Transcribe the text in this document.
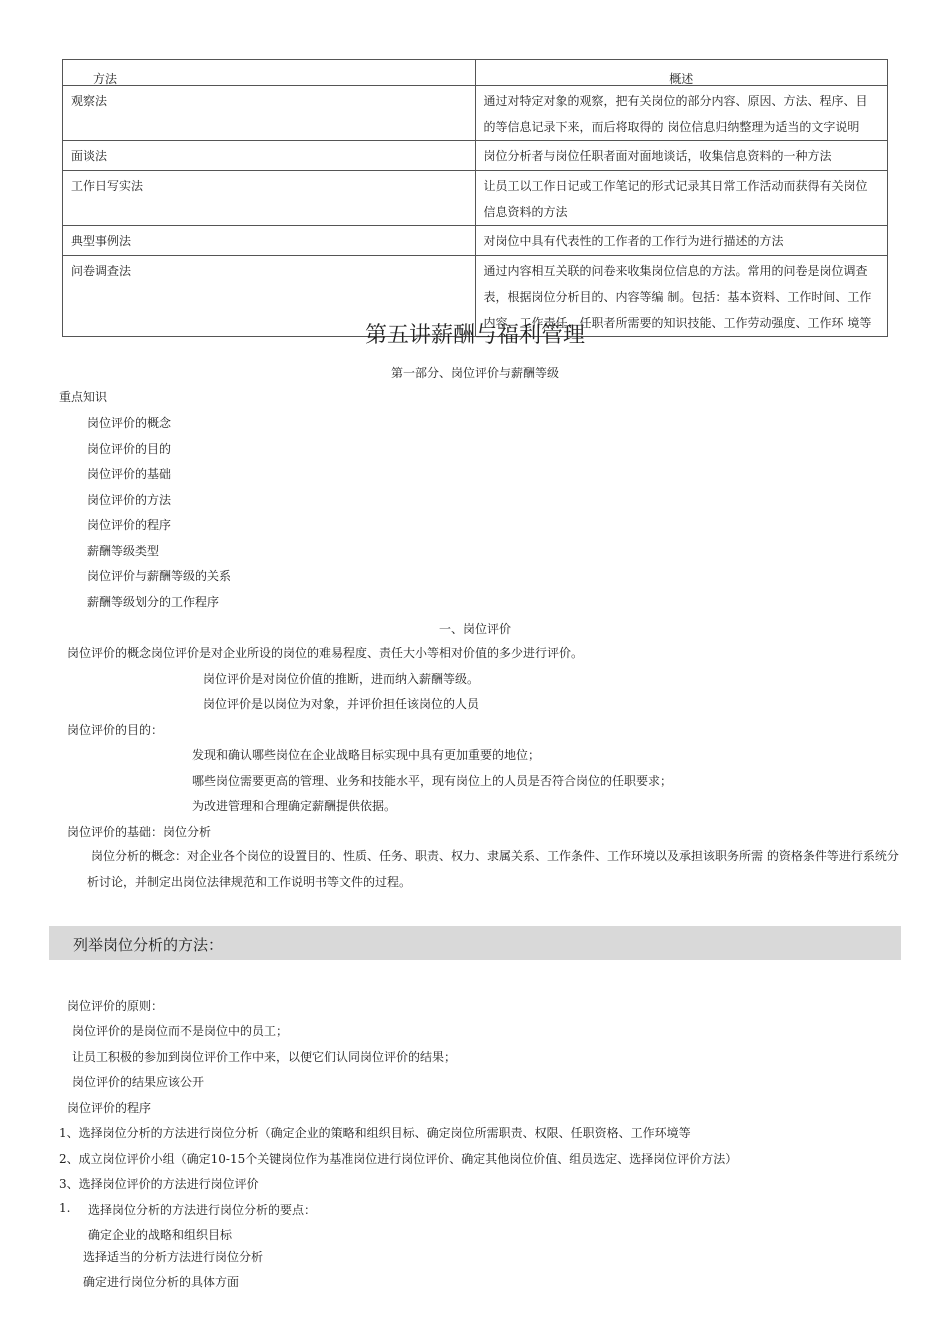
方法	概述
观察法	通过对特定对象的观察，把有关岗位的部分内容、原因、方法、程序、目的等信息记录下来，而后将取得的 岗位信息归纳整理为适当的文字说明
面谈法	岗位分析者与岗位任职者面对面地谈话，收集信息资料的一种方法
工作日写实法	让员工以工作日记或工作笔记的形式记录其日常工作活动而获得有关岗位信息资料的方法
典型事例法	对岗位中具有代表性的工作者的工作行为进行描述的方法
问卷调查法	通过内容相互关联的问卷来收集岗位信息的方法。常用的问卷是岗位调查表，根据岗位分析目的、内容等编 制。包括：基本资料、工作时间、工作内容、工作责任、任职者所需要的知识技能、工作劳动强度、工作环 境等
第五讲薪酬与福利管理
第一部分、岗位评价与薪酬等级
重点知识
岗位评价的概念
岗位评价的目的
岗位评价的基础
岗位评价的方法
岗位评价的程序
薪酬等级类型
岗位评价与薪酬等级的关系
薪酬等级划分的工作程序
一、岗位评价
岗位评价的概念岗位评价是对企业所设的岗位的难易程度、责任大小等相对价值的多少进行评价。
岗位评价是对岗位价值的推断，进而纳入薪酬等级。
岗位评价是以岗位为对象，并评价担任该岗位的人员
岗位评价的目的：
发现和确认哪些岗位在企业战略目标实现中具有更加重要的地位；
哪些岗位需要更高的管理、业务和技能水平，现有岗位上的人员是否符合岗位的任职要求；
为改进管理和合理确定薪酬提供依据。
岗位评价的基础：岗位分析
岗位分析的概念：对企业各个岗位的设置目的、性质、任务、职责、权力、隶属关系、工作条件、工作环境以及承担该职务所需 的资格条件等进行系统分析讨论，并制定出岗位法律规范和工作说明书等文件的过程。
列举岗位分析的方法：
岗位评价的原则：
岗位评价的是岗位而不是岗位中的员工；
让员工积极的参加到岗位评价工作中来，以便它们认同岗位评价的结果；
岗位评价的结果应该公开
岗位评价的程序
1、选择岗位分析的方法进行岗位分析（确定企业的策略和组织目标、确定岗位所需职责、权限、任职资格、工作环境等
2、成立岗位评价小组（确定10-15个关键岗位作为基准岗位进行岗位评价、确定其他岗位价值、组员选定、选择岗位评价方法）
3、选择岗位评价的方法进行岗位评价
1. 选择岗位分析的方法进行岗位分析的要点：
确定企业的战略和组织目标
选择适当的分析方法进行岗位分析
确定进行岗位分析的具体方面
